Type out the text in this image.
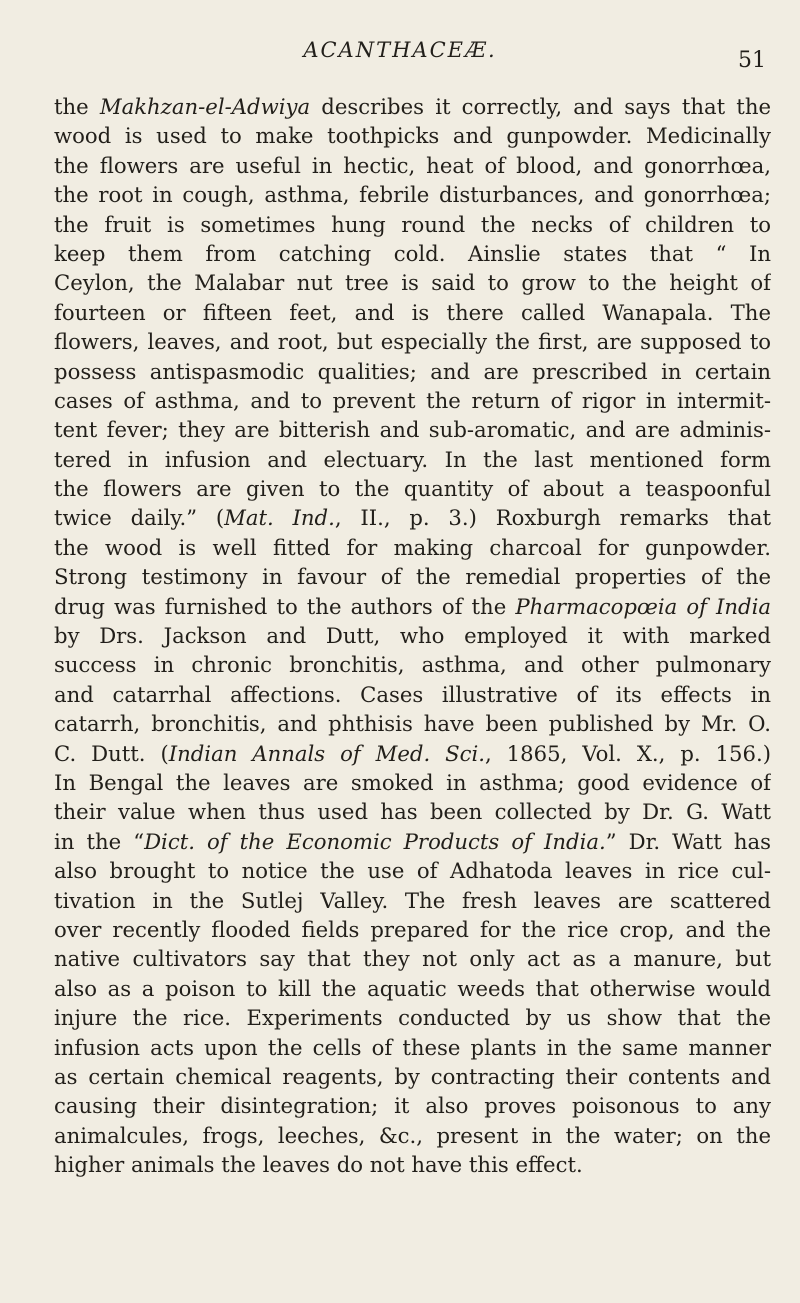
ACANTHACEÆ.	51
the Makhzan-el-Adwiya describes it correctly, and says that the
wood is used to make toothpicks and gunpowder. Medicinally
the flowers are useful in hectic, heat of blood, and gonorrhœa,
the root in cough, asthma, febrile disturbances, and gonorrhœa;
the fruit is sometimes hung round the necks of children to
keep them from catching cold. Ainslie states that “ In
Ceylon, the Malabar nut tree is said to grow to the height of
fourteen or fifteen feet, and is there called Wanapala. The
flowers, leaves, and root, but especially the first, are supposed to
possess antispasmodic qualities; and are prescribed in certain
cases of asthma, and to prevent the return of rigor in intermit-
tent fever; they are bitterish and sub-aromatic, and are adminis-
tered in infusion and electuary. In the last mentioned form
the flowers are given to the quantity of about a teaspoonful
twice daily.” (Mat. Ind., II., p. 3.) Roxburgh remarks that
the wood is well fitted for making charcoal for gunpowder.
Strong testimony in favour of the remedial properties of the
drug was furnished to the authors of the Pharmacopœia of India
by Drs. Jackson and Dutt, who employed it with marked
success in chronic bronchitis, asthma, and other pulmonary
and catarrhal affections. Cases illustrative of its effects in
catarrh, bronchitis, and phthisis have been published by Mr. O.
C. Dutt. (Indian Annals of Med. Sci., 1865, Vol. X., p. 156.)
In Bengal the leaves are smoked in asthma; good evidence of
their value when thus used has been collected by Dr. G. Watt
in the “Dict. of the Economic Products of India.” Dr. Watt has
also brought to notice the use of Adhatoda leaves in rice cul-
tivation in the Sutlej Valley. The fresh leaves are scattered
over recently flooded fields prepared for the rice crop, and the
native cultivators say that they not only act as a manure, but
also as a poison to kill the aquatic weeds that otherwise would
injure the rice. Experiments conducted by us show that the
infusion acts upon the cells of these plants in the same manner
as certain chemical reagents, by contracting their contents and
causing their disintegration; it also proves poisonous to any
animalcules, frogs, leeches, &c., present in the water; on the
higher animals the leaves do not have this effect.
